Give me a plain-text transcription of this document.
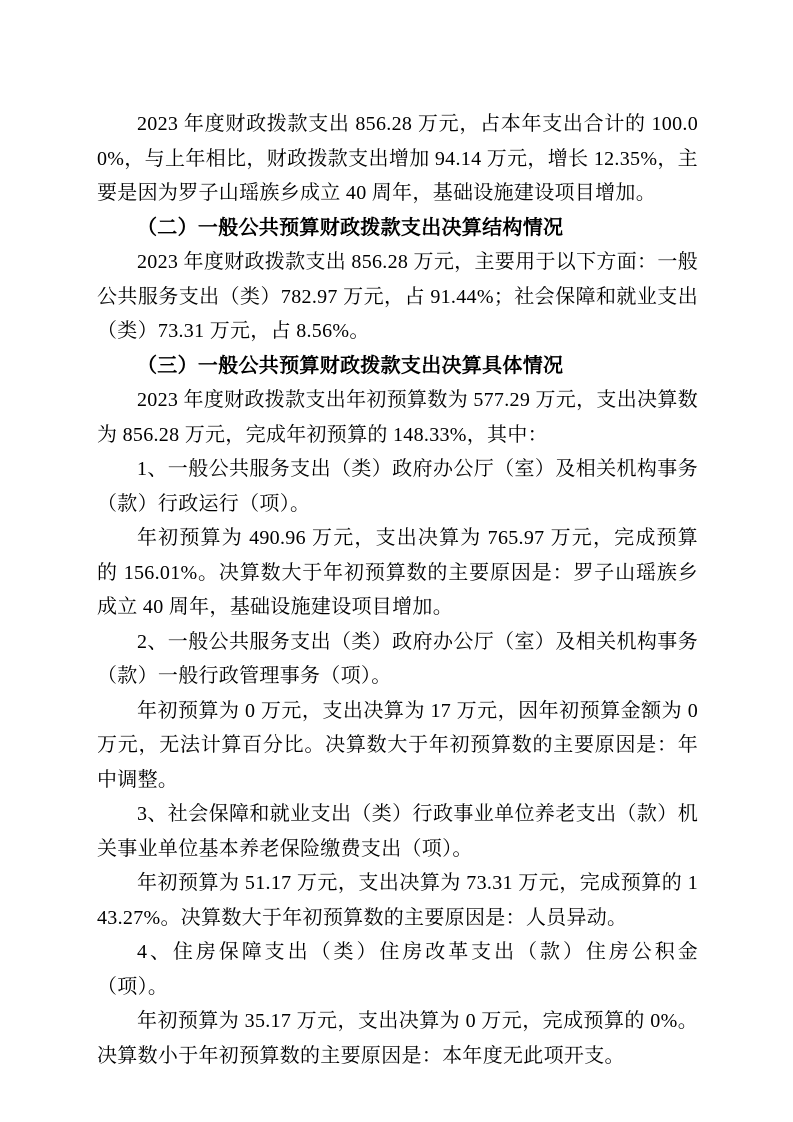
2023 年度财政拨款支出 856.28 万元，占本年支出合计的 100.00%，与上年相比，财政拨款支出增加 94.14 万元，增长 12.35%，主要是因为罗子山瑶族乡成立 40 周年，基础设施建设项目增加。

（二）一般公共预算财政拨款支出决算结构情况

2023 年度财政拨款支出 856.28 万元，主要用于以下方面：一般公共服务支出（类）782.97 万元，占 91.44%；社会保障和就业支出（类）73.31 万元，占 8.56%。

（三）一般公共预算财政拨款支出决算具体情况

2023 年度财政拨款支出年初预算数为 577.29 万元，支出决算数为 856.28 万元，完成年初预算的 148.33%，其中：

1、一般公共服务支出（类）政府办公厅（室）及相关机构事务（款）行政运行（项）。

年初预算为 490.96 万元，支出决算为 765.97 万元，完成预算的 156.01%。决算数大于年初预算数的主要原因是：罗子山瑶族乡成立 40 周年，基础设施建设项目增加。

2、一般公共服务支出（类）政府办公厅（室）及相关机构事务（款）一般行政管理事务（项）。

年初预算为 0 万元，支出决算为 17 万元，因年初预算金额为 0 万元，无法计算百分比。决算数大于年初预算数的主要原因是：年中调整。

3、社会保障和就业支出（类）行政事业单位养老支出（款）机关事业单位基本养老保险缴费支出（项）。

年初预算为 51.17 万元，支出决算为 73.31 万元，完成预算的 143.27%。决算数大于年初预算数的主要原因是：人员异动。

4、住房保障支出（类）住房改革支出（款）住房公积金（项）。

年初预算为 35.17 万元，支出决算为 0 万元，完成预算的 0%。决算数小于年初预算数的主要原因是：本年度无此项开支。
